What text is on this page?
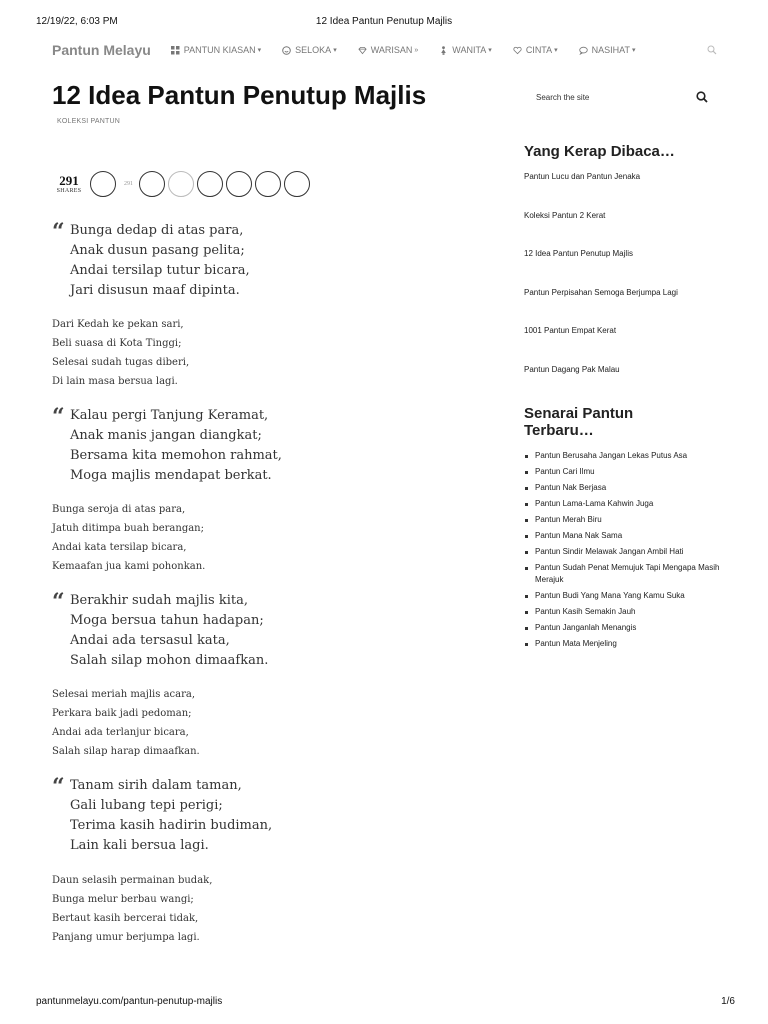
12/19/22, 6:03 PM	12 Idea Pantun Penutup Majlis
Pantun Melayu	PANTUN KIASAN ▾	SELOKA ▾	WARISAN »	WANITA ▾	CINTA ▾	NASIHAT ▾
12 Idea Pantun Penutup Majlis
KOLEKSI PANTUN
291
SHARES
291
“ Bunga dedap di atas para,
Anak dusun pasang pelita;
Andai tersilap tutur bicara,
Jari disusun maaf dipinta.
Dari Kedah ke pekan sari,
Beli suasa di Kota Tinggi;
Selesai sudah tugas diberi,
Di lain masa bersua lagi.
“ Kalau pergi Tanjung Keramat,
Anak manis jangan diangkat;
Bersama kita memohon rahmat,
Moga majlis mendapat berkat.
Bunga seroja di atas para,
Jatuh ditimpa buah berangan;
Andai kata tersilap bicara,
Kemaafan jua kami pohonkan.
“ Berakhir sudah majlis kita,
Moga bersua tahun hadapan;
Andai ada tersasul kata,
Salah silap mohon dimaafkan.
Selesai meriah majlis acara,
Perkara baik jadi pedoman;
Andai ada terlanjur bicara,
Salah silap harap dimaafkan.
“ Tanam sirih dalam taman,
Gali lubang tepi perigi;
Terima kasih hadirin budiman,
Lain kali bersua lagi.
Daun selasih permainan budak,
Bunga melur berbau wangi;
Bertaut kasih bercerai tidak,
Panjang umur berjumpa lagi.
Search the site
Yang Kerap Dibaca…
Pantun Lucu dan Pantun Jenaka
Koleksi Pantun 2 Kerat
12 Idea Pantun Penutup Majlis
Pantun Perpisahan Semoga Berjumpa Lagi
1001 Pantun Empat Kerat
Pantun Dagang Pak Malau
Senarai Pantun
Terbaru…
Pantun Berusaha Jangan Lekas Putus Asa
Pantun Cari Ilmu
Pantun Nak Berjasa
Pantun Lama-Lama Kahwin Juga
Pantun Merah Biru
Pantun Mana Nak Sama
Pantun Sindir Melawak Jangan Ambil Hati
Pantun Sudah Penat Memujuk Tapi Mengapa Masih Merajuk
Pantun Budi Yang Mana Yang Kamu Suka
Pantun Kasih Semakin Jauh
Pantun Janganlah Menangis
Pantun Mata Menjeling
pantunmelayu.com/pantun-penutup-majlis	1/6
